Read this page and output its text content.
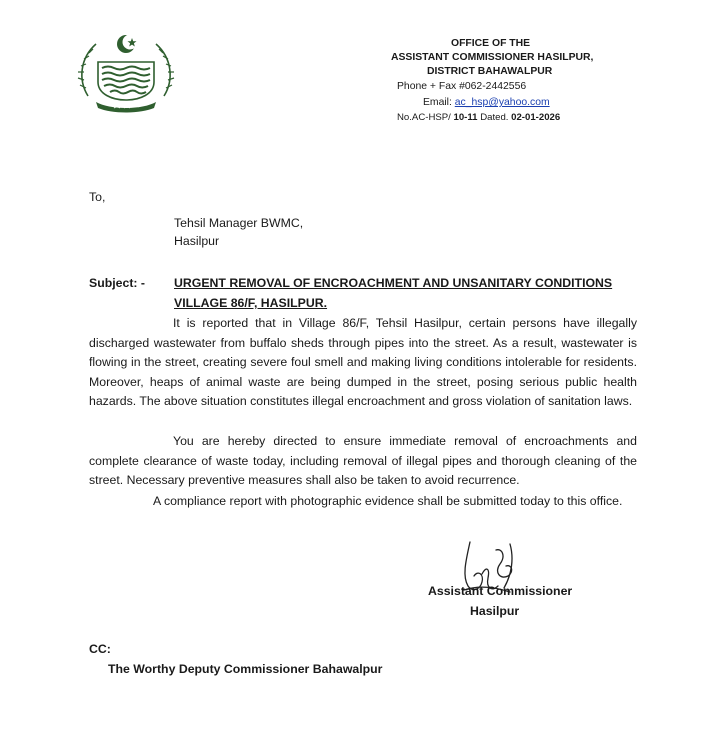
OFFICE OF THE
ASSISTANT COMMISSIONER HASILPUR,
DISTRICT BAHAWALPUR
Phone + Fax #062-2442556
Email: ac_hsp@yahoo.com
No.AC-HSP/ 10-11 Dated. 02-01-2026
To,
Tehsil Manager BWMC,
Hasilpur
Subject: - URGENT REMOVAL OF ENCROACHMENT AND UNSANITARY CONDITIONS
VILLAGE 86/F, HASILPUR.
It is reported that in Village 86/F, Tehsil Hasilpur, certain persons have illegally discharged wastewater from buffalo sheds through pipes into the street. As a result, wastewater is flowing in the street, creating severe foul smell and making living conditions intolerable for residents. Moreover, heaps of animal waste are being dumped in the street, posing serious public health hazards. The above situation constitutes illegal encroachment and gross violation of sanitation laws.
You are hereby directed to ensure immediate removal of encroachments and complete clearance of waste today, including removal of illegal pipes and thorough cleaning of the street. Necessary preventive measures shall also be taken to avoid recurrence.
A compliance report with photographic evidence shall be submitted today to this office.
Assistant Commissioner
Hasilpur
CC:
The Worthy Deputy Commissioner Bahawalpur
